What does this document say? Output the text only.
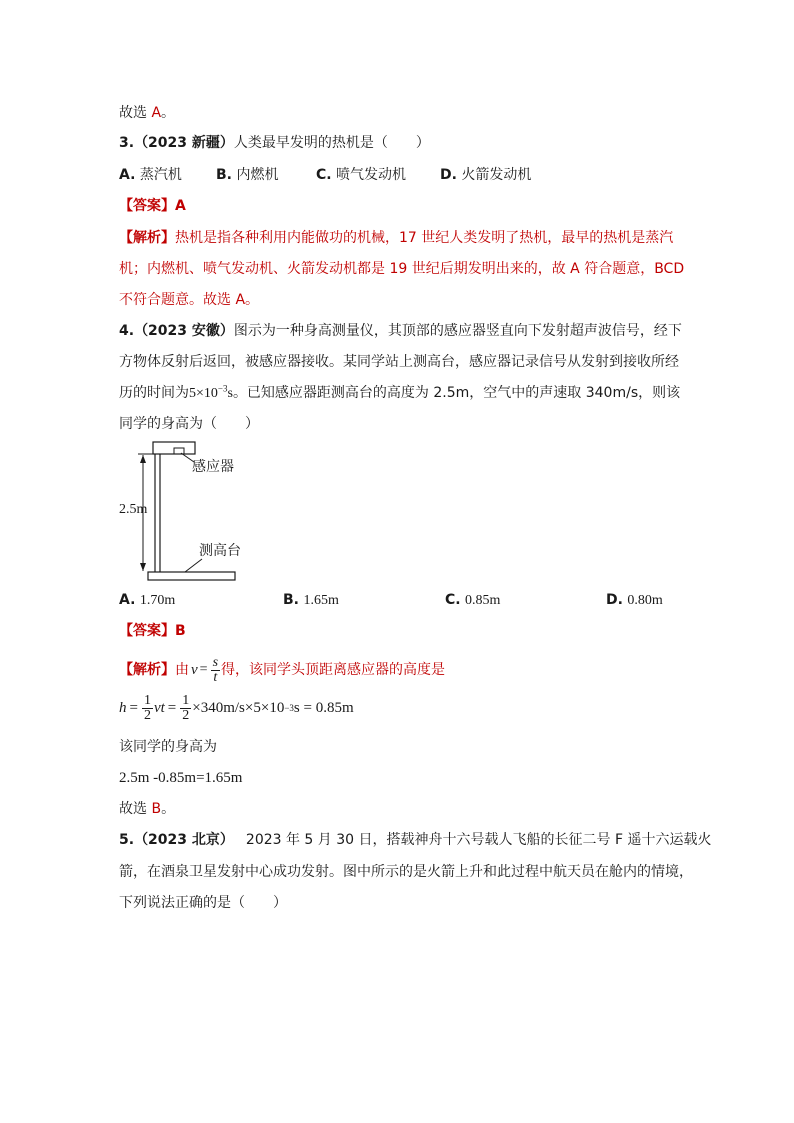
故选 A。
3.（2023 新疆）人类最早发明的热机是（　　）
A. 蒸汽机 B. 内燃机	C. 喷气发动机 D. 火箭发动机
【答案】A
【解析】热机是指各种利用内能做功的机械，17 世纪人类发明了热机，最早的热机是蒸汽
机；内燃机、喷气发动机、火箭发动机都是 19 世纪后期发明出来的，故 A 符合题意，BCD
不符合题意。故选 A。
4.（2023 安徽）图示为一种身高测量仪，其顶部的感应器竖直向下发射超声波信号，经下
方物体反射后返回，被感应器接收。某同学站上测高台，感应器记录信号从发射到接收所经
历的时间为$5\times 10^{-3}s$。已知感应器距测高台的高度为 2.5m，空气中的声速取 340m/s，则该
同学的身高为（　　）
感应器
2.5m
测高台
A. 1.70m	B. 1.65m	C. 0.85m	D. 0.80m
【答案】B
【解析】 由 $v = \frac{s}{t}$ 得，该同学头顶距离感应器的高度是
$h = \frac{1}{2}$ vt = $\frac{1}{2} \times 340m/s\times 5\times 10 -3$ s = 0.85m
该同学的身高为
2.5m -0.85m=1.65m
故选 B。
5.（2023 北京） 2023 年 5 月 30 日，搭载神舟十六号载人飞船的长征二号 F 遥十六运载火
箭，在酒泉卫星发射中心成功发射。图中所示的是火箭上升和此过程中航天员在舱内的情境，
下列说法正确的是（　　）
